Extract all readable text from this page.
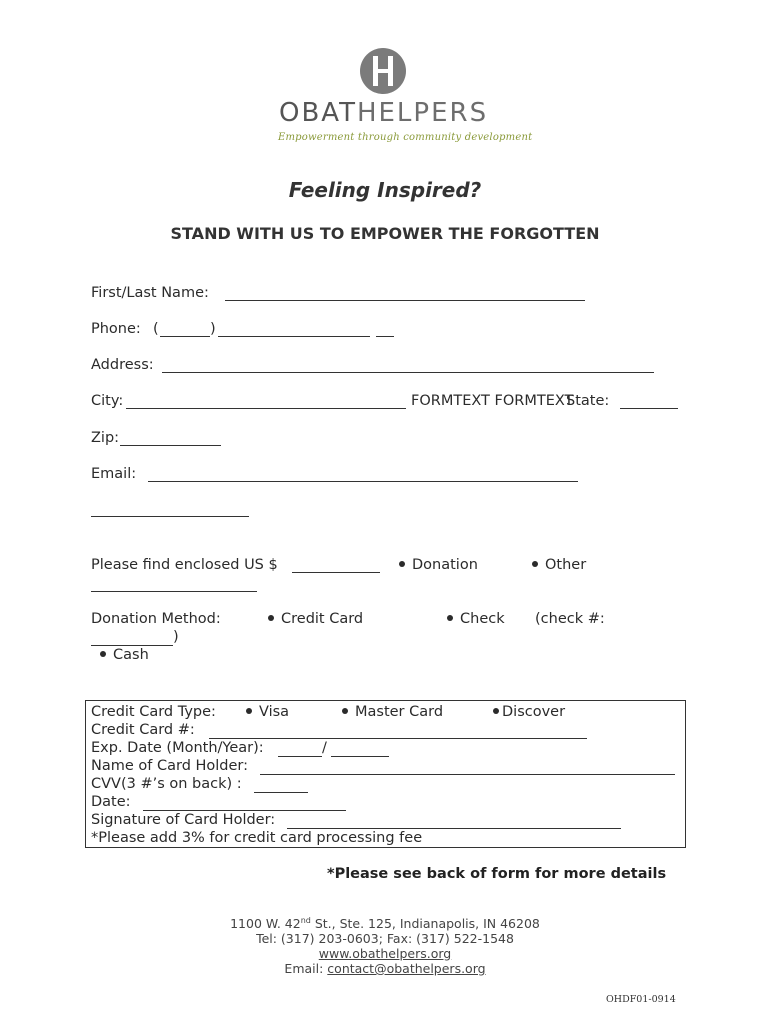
OBATHELPERS
Empowerment through community development
Feeling Inspired?
STAND WITH US TO EMPOWER THE FORGOTTEN
First/Last Name:
Phone: (	)
Address:
City:	FORMTEXT FORMTEXT
State:
Zip:
Email:
Please find enclosed US $	Donation	Other
Donation Method:	Credit Card	Check (check #:
)
Cash
Credit Card Type:	Visa	Master Card	Discover
Credit Card #:
Exp. Date (Month/Year):	/
Name of Card Holder:
CVV(3 #’s on back) :
Date:
Signature of Card Holder:
*Please add 3% for credit card processing fee
*Please see back of form for more details
1100 W. 42nd St., Ste. 125, Indianapolis, IN 46208
Tel: (317) 203-0603; Fax: (317) 522-1548
www.obathelpers.org
Email: contact@obathelpers.org
OHDF01-0914
